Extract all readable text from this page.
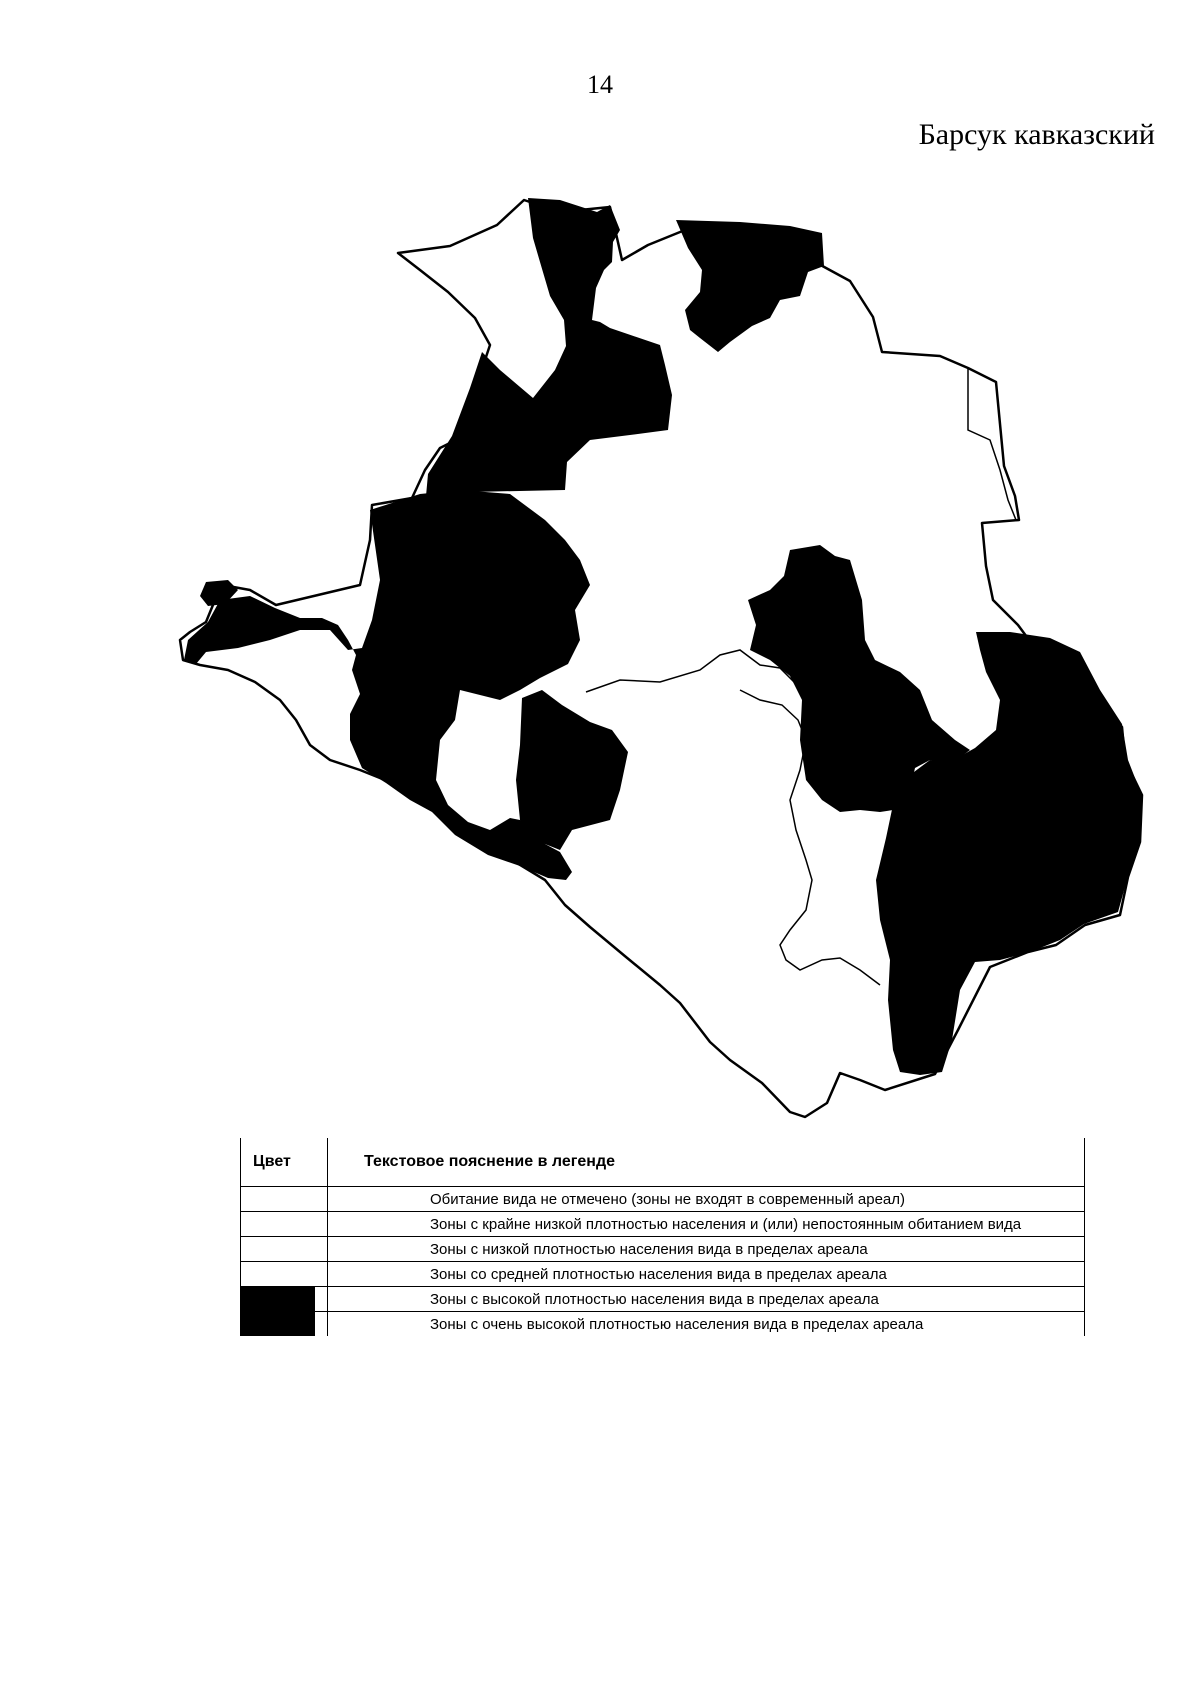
14
Барсук кавказский
Цвет	Текстовое пояснение в легенде

	Обитание вида не отмечено (зоны не входят в современный ареал)

	Зоны с крайне низкой плотностью населения и (или) непостоянным обитанием вида

	Зоны с низкой плотностью населения вида в пределах ареала

	Зоны со средней плотностью населения вида в пределах ареала

	Зоны с высокой плотностью населения вида в пределах ареала

	Зоны с очень высокой плотностью населения вида в пределах ареала
